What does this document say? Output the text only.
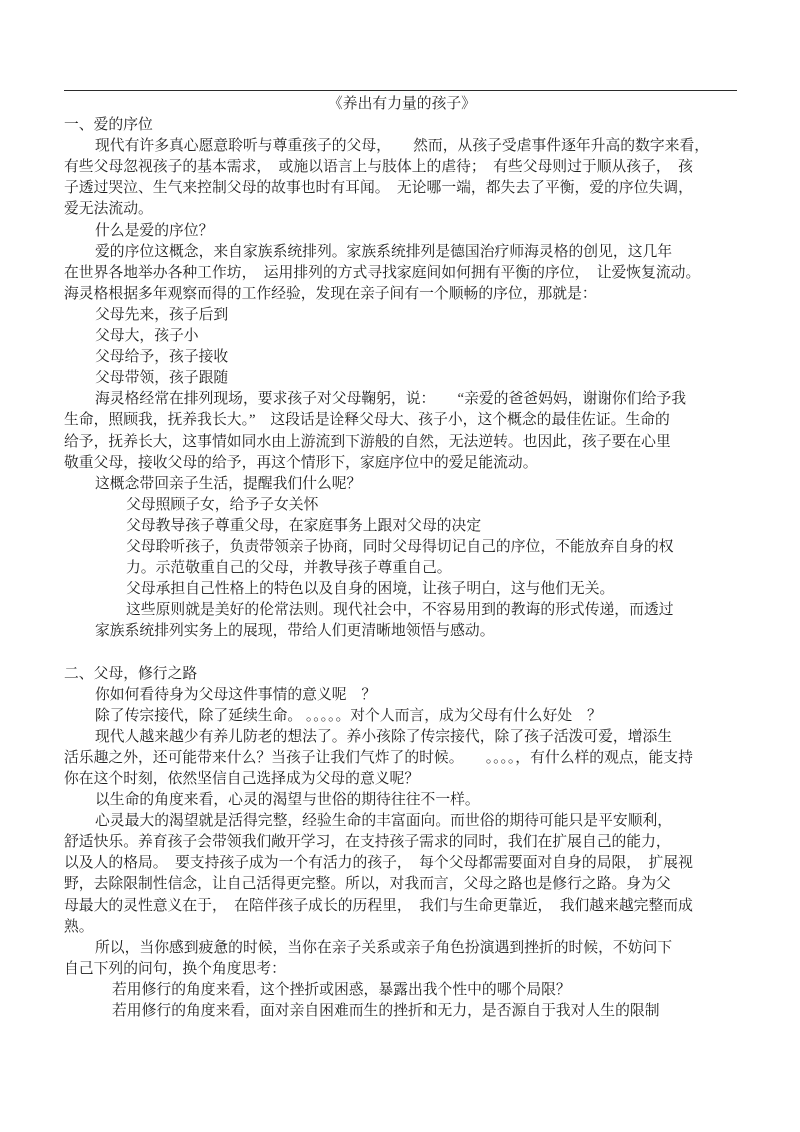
《养出有力量的孩子》
一、爱的序位
现代有许多真心愿意聆听与尊重孩子的父母，　　然而，从孩子受虐事件逐年升高的数字来看，
有些父母忽视孩子的基本需求，　或施以语言上与肢体上的虐待；　有些父母则过于顺从孩子，　孩
子透过哭泣、生气来控制父母的故事也时有耳闻。　无论哪一端，都失去了平衡，爱的序位失调，
爱无法流动。
什么是爱的序位？
爱的序位这概念，来自家族系统排列。家族系统排列是德国治疗师海灵格的创见，这几年
在世界各地举办各种工作坊，　运用排列的方式寻找家庭间如何拥有平衡的序位，　让爱恢复流动。
海灵格根据多年观察而得的工作经验，发现在亲子间有一个顺畅的序位，那就是：
父母先来，孩子后到
父母大，孩子小
父母给予，孩子接收
父母带领，孩子跟随
海灵格经常在排列现场，要求孩子对父母鞠躬，说：　　“亲爱的爸爸妈妈，谢谢你们给予我
生命，照顾我，抚养我长大。”　这段话是诠释父母大、孩子小，这个概念的最佳佐证。生命的
给予，抚养长大，这事情如同水由上游流到下游般的自然，无法逆转。也因此，孩子要在心里
敬重父母，接收父母的给予，再这个情形下，家庭序位中的爱足能流动。
这概念带回亲子生活，提醒我们什么呢？
父母照顾子女，给予子女关怀
父母教导孩子尊重父母，在家庭事务上跟对父母的决定
父母聆听孩子，负责带领亲子协商，同时父母得切记自己的序位，不能放弃自身的权
力。示范敬重自己的父母，并教导孩子尊重自己。
父母承担自己性格上的特色以及自身的困境，让孩子明白，这与他们无关。
这些原则就是美好的伦常法则。现代社会中，不容易用到的教诲的形式传递，而透过
家族系统排列实务上的展现，带给人们更清晰地领悟与感动。

二、父母，修行之路
你如何看待身为父母这件事情的意义呢　？
除了传宗接代，除了延续生命。 。。。。。对个人而言，成为父母有什么好处　？
现代人越来越少有养儿防老的想法了。养小孩除了传宗接代，除了孩子活泼可爱，增添生
活乐趣之外，还可能带来什么？当孩子让我们气炸了的时候。　　。。。。，有什么样的观点，能支持
你在这个时刻，依然坚信自己选择成为父母的意义呢？
以生命的角度来看，心灵的渴望与世俗的期待往往不一样。
心灵最大的渴望就是活得完整，经验生命的丰富面向。而世俗的期待可能只是平安顺利，
舒适快乐。养育孩子会带领我们敞开学习，在支持孩子需求的同时，我们在扩展自己的能力，
以及人的格局。　要支持孩子成为一个有活力的孩子，　每个父母都需要面对自身的局限，　扩展视
野，去除限制性信念，让自己活得更完整。所以，对我而言，父母之路也是修行之路。身为父
母最大的灵性意义在于，　在陪伴孩子成长的历程里，　我们与生命更靠近，　我们越来越完整而成
熟。
所以，当你感到疲惫的时候，当你在亲子关系或亲子角色扮演遇到挫折的时候，不妨问下
自己下列的问句，换个角度思考：
若用修行的角度来看，这个挫折或困惑，暴露出我个性中的哪个局限？
若用修行的角度来看，面对亲自困难而生的挫折和无力，是否源自于我对人生的限制
